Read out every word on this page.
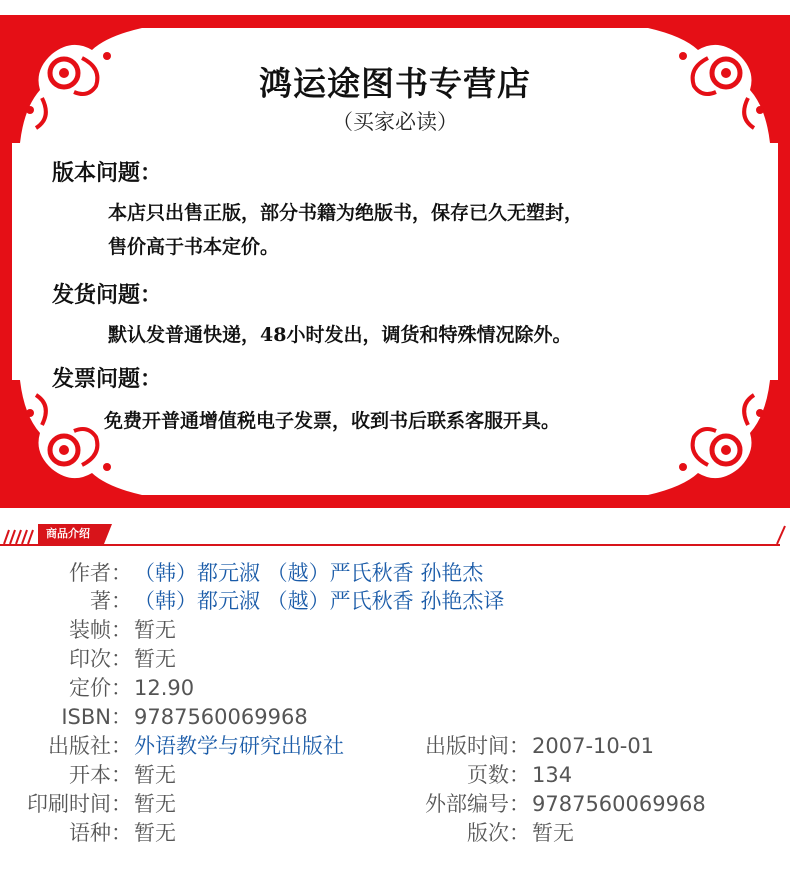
鸿运途图书专营店
（买家必读）
版本问题：
本店只出售正版，部分书籍为绝版书，保存已久无塑封，
售价高于书本定价。
发货问题：
默认发普通快递，48小时发出，调货和特殊情况除外。
发票问题：
免费开普通增值税电子发票，收到书后联系客服开具。
商品介绍
作者： （韩）都元淑 （越）严氏秋香 孙艳杰
著： （韩）都元淑 （越）严氏秋香 孙艳杰译
装帧： 暂无
印次： 暂无
定价： 12.90
ISBN： 9787560069968
出版社： 外语教学与研究出版社	出版时间： 2007-10-01
开本： 暂无	页数： 134
印刷时间： 暂无	外部编号： 9787560069968
语种： 暂无	版次： 暂无
